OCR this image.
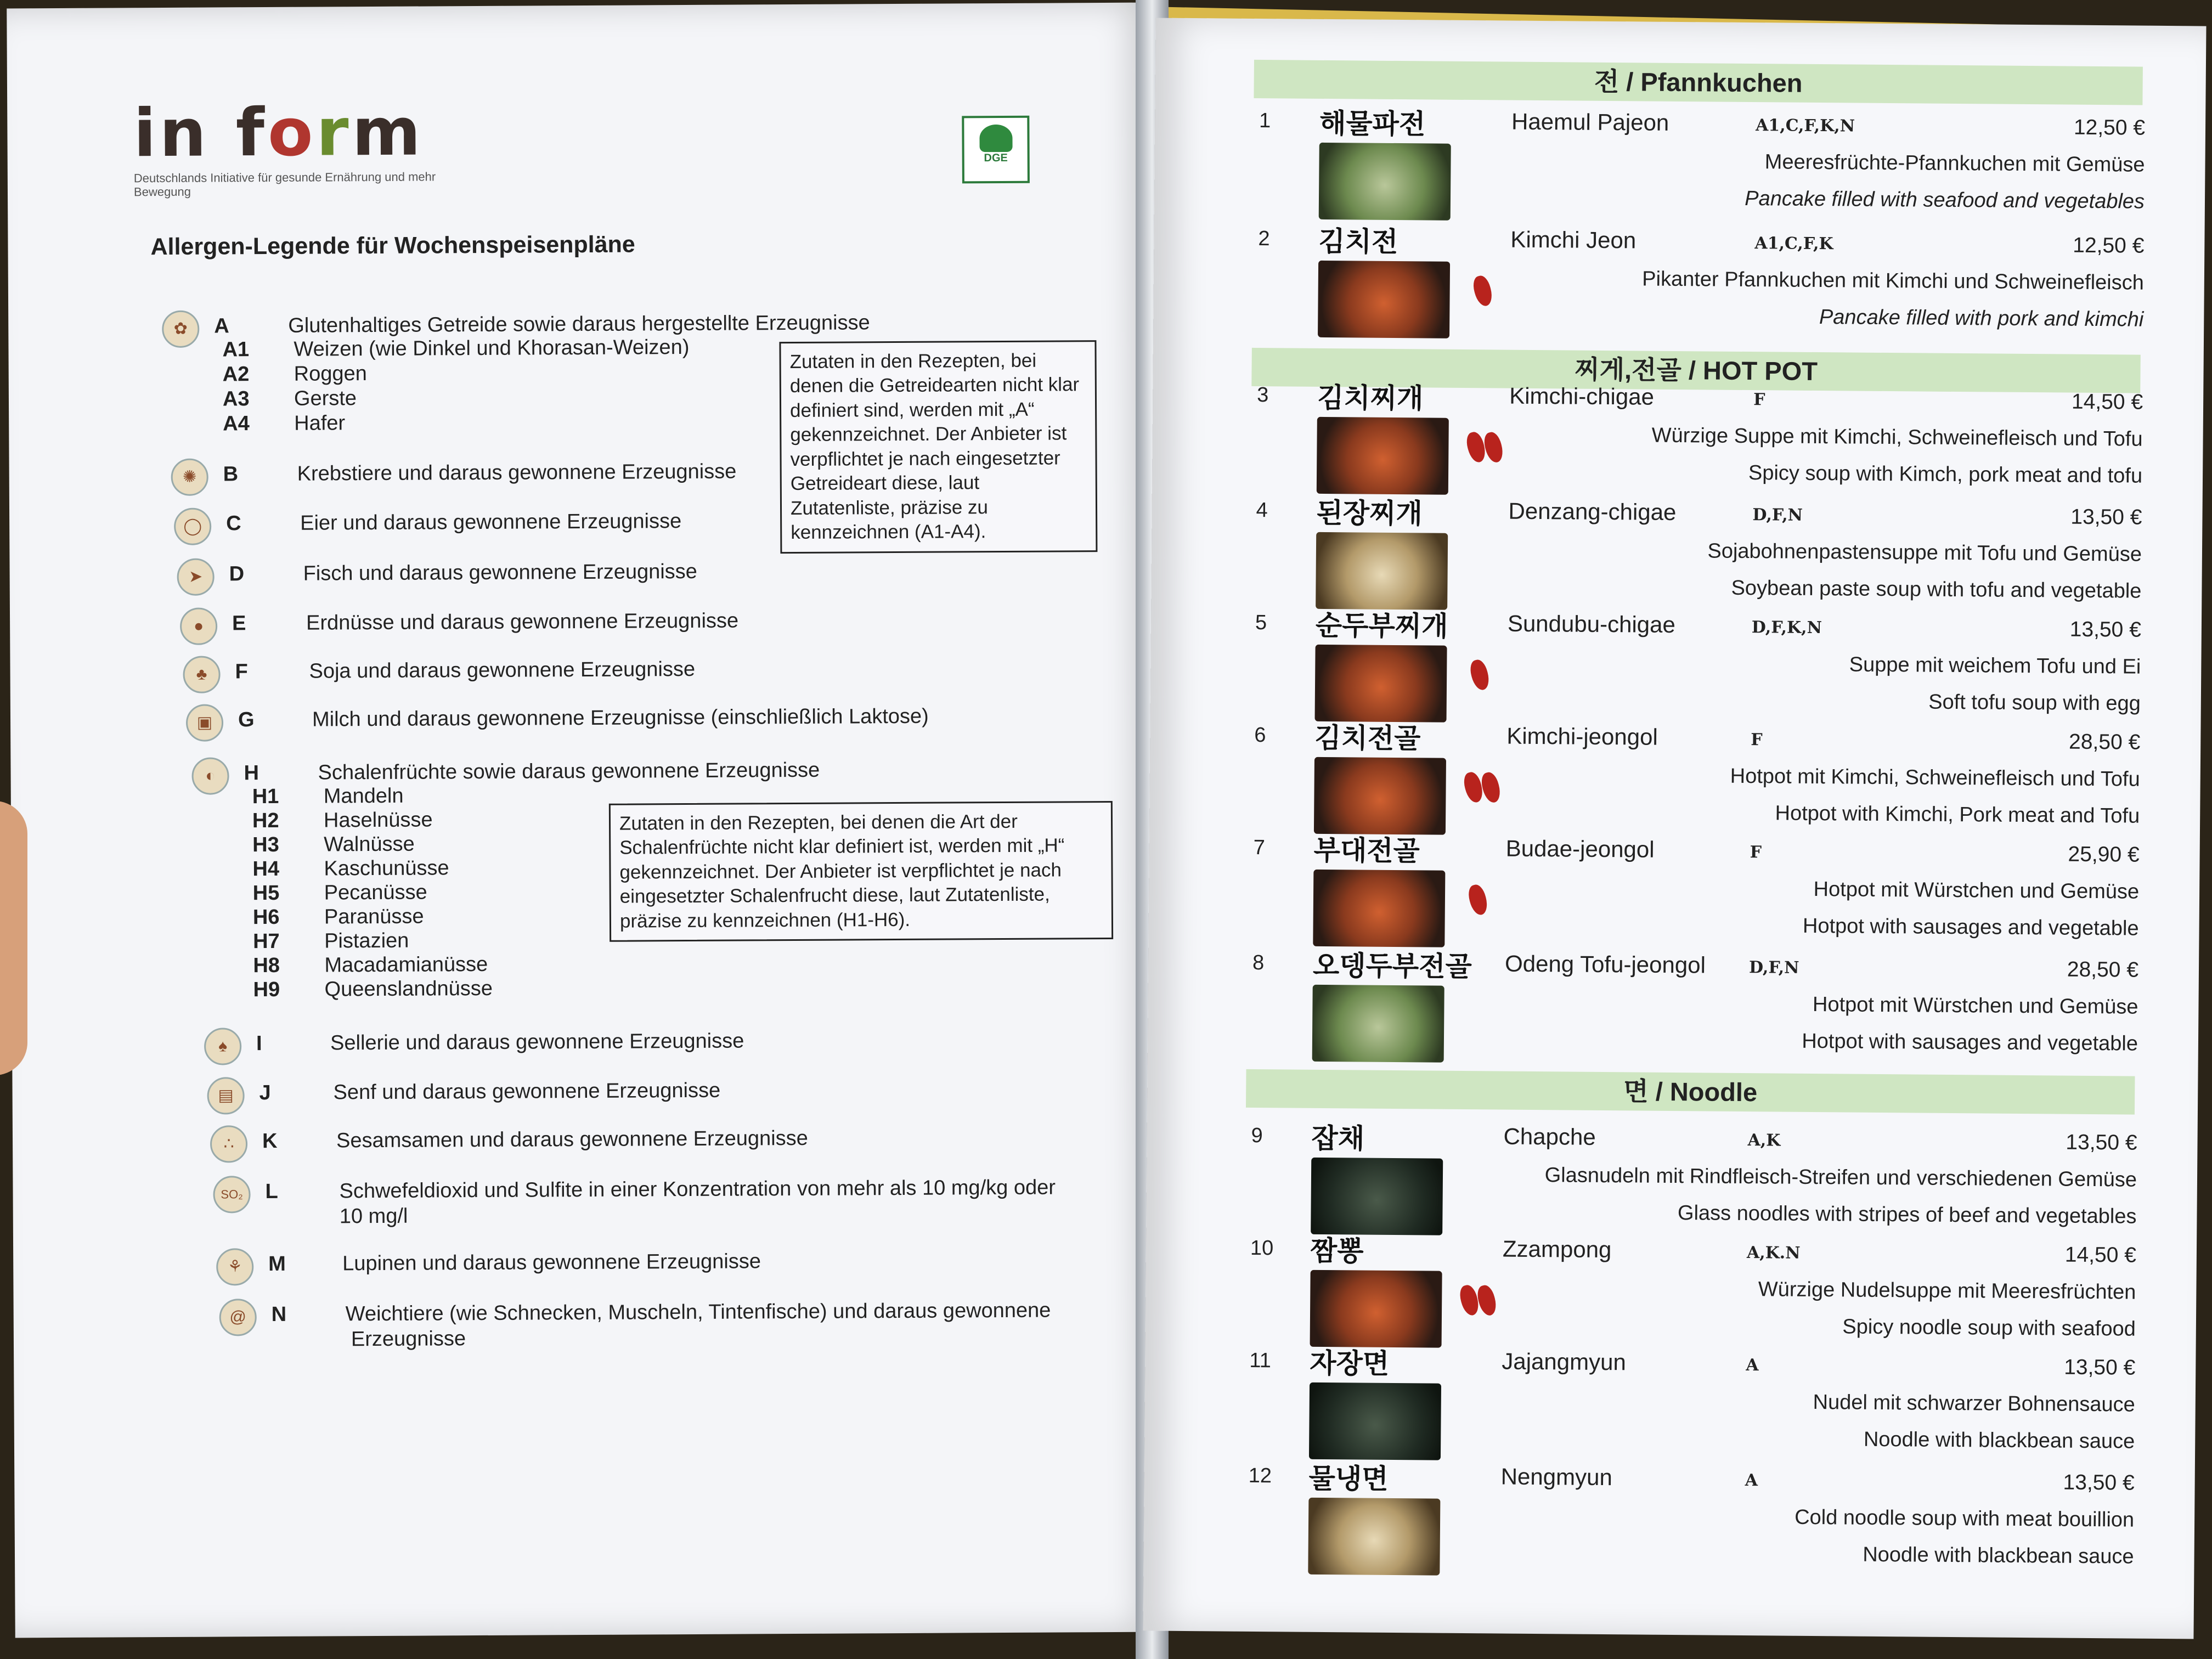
in form
Deutschlands Initiative für gesunde Ernährung und mehr Bewegung
DGE
Allergen-Legende für Wochenspeisenpläne
✿	A	Glutenhaltiges Getreide sowie daraus hergestellte Erzeugnisse
A1 Weizen (wie Dinkel und Khorasan-Weizen)
A2 Roggen
A3 Gerste
A4 Hafer
Zutaten in den Rezepten, bei denen die Getreidearten nicht klar definiert sind, werden mit „A“ gekennzeichnet. Der Anbieter ist verpflichtet je nach eingesetzter Getreideart diese, laut Zutatenliste, präzise zu kennzeichnen (A1-A4).
✺	B	Krebstiere und daraus gewonnene Erzeugnisse
◯	C	Eier und daraus gewonnene Erzeugnisse
➤	D	Fisch und daraus gewonnene Erzeugnisse
●	E	Erdnüsse und daraus gewonnene Erzeugnisse
♣	F	Soja und daraus gewonnene Erzeugnisse
▣	G	Milch und daraus gewonnene Erzeugnisse (einschließlich Laktose)
◐	H	Schalenfrüchte sowie daraus gewonnene Erzeugnisse
H1 Mandeln
H2 Haselnüsse
H3 Walnüsse
H4 Kaschunüsse
H5 Pecanüsse
H6 Paranüsse
H7 Pistazien
H8 Macadamianüsse
H9 Queenslandnüsse
Zutaten in den Rezepten, bei denen die Art der Schalenfrüchte nicht klar definiert ist, werden mit „H“ gekennzeichnet. Der Anbieter ist verpflichtet je nach eingesetzter Schalenfrucht diese, laut Zutatenliste, präzise zu kennzeichnen (H1-H6).
♠	I	Sellerie und daraus gewonnene Erzeugnisse
▤	J	Senf und daraus gewonnene Erzeugnisse
∴	K	Sesamsamen und daraus gewonnene Erzeugnisse
SO₂	L	Schwefeldioxid und Sulfite in einer Konzentration von mehr als 10 mg/kg oder
10 mg/l
⚘	M	Lupinen und daraus gewonnene Erzeugnisse
@	N	Weichtiere (wie Schnecken, Muscheln, Tintenfische) und daraus gewonnene
Erzeugnisse
전 / Pfannkuchen
찌게,전골 / HOT POT
면 / Noodle
1 해물파전	Haemul Pajeon	A1,C,F,K,N	12,50 €
Meeresfrüchte-Pfannkuchen mit Gemüse
Pancake filled with seafood and vegetables
2 김치전	Kimchi Jeon	A1,C,F,K	12,50 €
Pikanter Pfannkuchen mit Kimchi und Schweinefleisch
Pancake filled with pork and kimchi
3 김치찌개	Kimchi-chigae	F	14,50 €
Würzige Suppe mit Kimchi, Schweinefleisch und Tofu
Spicy soup with Kimch, pork meat and tofu
4 된장찌개	Denzang-chigae	D,F,N	13,50 €
Sojabohnenpastensuppe mit Tofu und Gemüse
Soybean paste soup with tofu and vegetable
5 순두부찌개	Sundubu-chigae	D,F,K,N	13,50 €
Suppe mit weichem Tofu und Ei
Soft tofu soup with egg
6 김치전골	Kimchi-jeongol	F	28,50 €
Hotpot mit Kimchi, Schweinefleisch und Tofu
Hotpot with Kimchi, Pork meat and Tofu
7 부대전골	Budae-jeongol	F	25,90 €
Hotpot mit Würstchen und Gemüse
Hotpot with sausages and vegetable
8 오뎅두부전골 Odeng Tofu-jeongol	D,F,N	28,50 €
Hotpot mit Würstchen und Gemüse
Hotpot with sausages and vegetable
9 잡채	Chapche	A,K	13,50 €
Glasnudeln mit Rindfleisch-Streifen und verschiedenen Gemüse
Glass noodles with stripes of beef and vegetables
10 짬뽕	Zzampong	A,K.N	14,50 €
Würzige Nudelsuppe mit Meeresfrüchten
Spicy noodle soup with seafood
11 자장면	Jajangmyun	A	13,50 €
Nudel mit schwarzer Bohnensauce
Noodle with blackbean sauce
12 물냉면	Nengmyun	A	13,50 €
Cold noodle soup with meat bouillion
Noodle with blackbean sauce
